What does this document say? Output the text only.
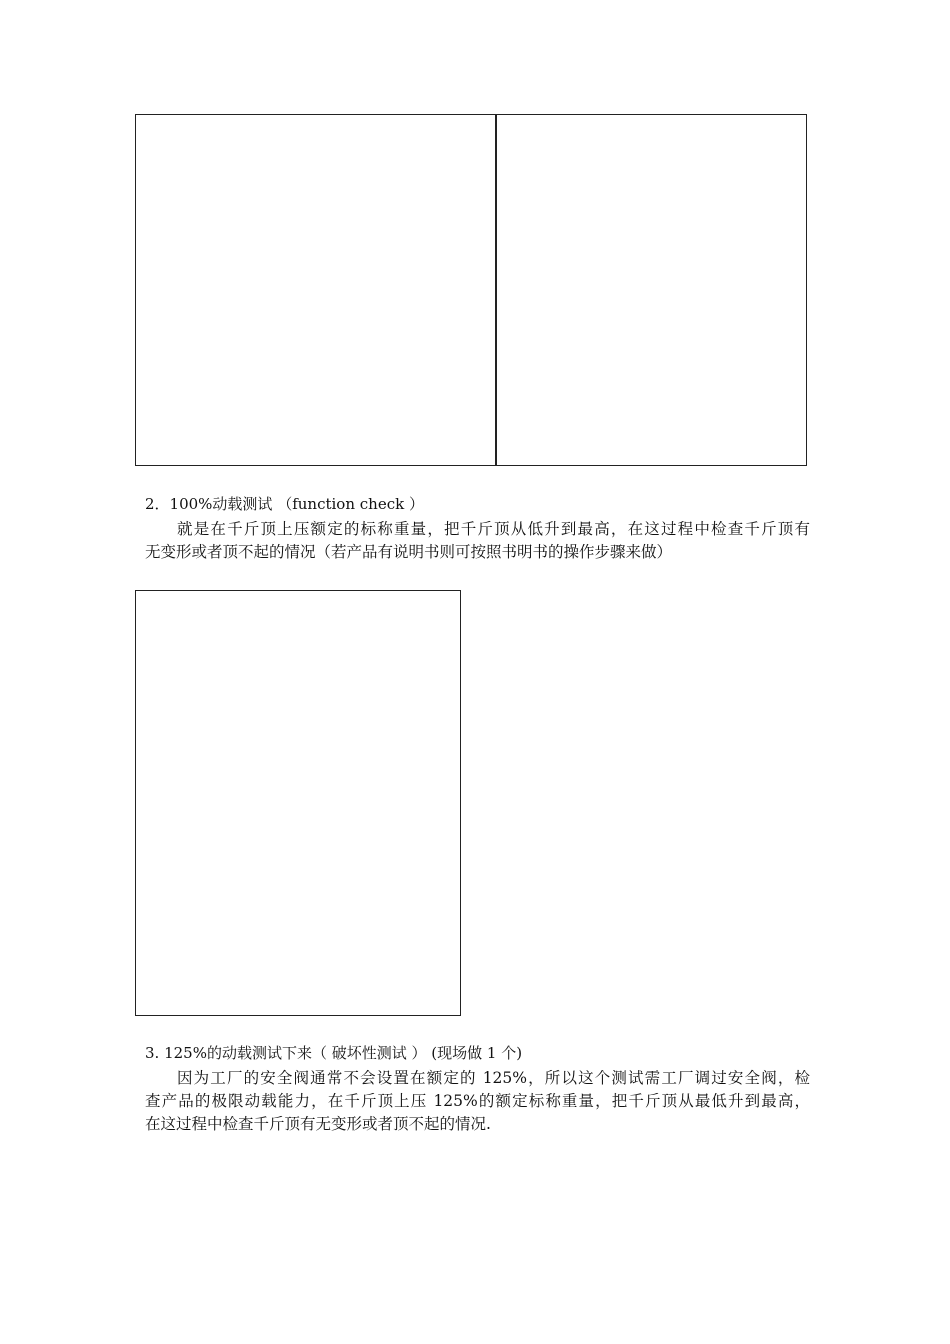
2．100%动载测试 （function check ）
就是在千斤顶上压额定的标称重量，把千斤顶从低升到最高，在这过程中检查千斤顶有
无变形或者顶不起的情况（若产品有说明书则可按照书明书的操作步骤来做）
3. 125%的动载测试下来（ 破坏性测试 ） (现场做 1 个)
因为工厂的安全阀通常不会设置在额定的 125%，所以这个测试需工厂调过安全阀，检
查产品的极限动载能力，在千斤顶上压 125%的额定标称重量，把千斤顶从最低升到最高，
在这过程中检查千斤顶有无变形或者顶不起的情况.
